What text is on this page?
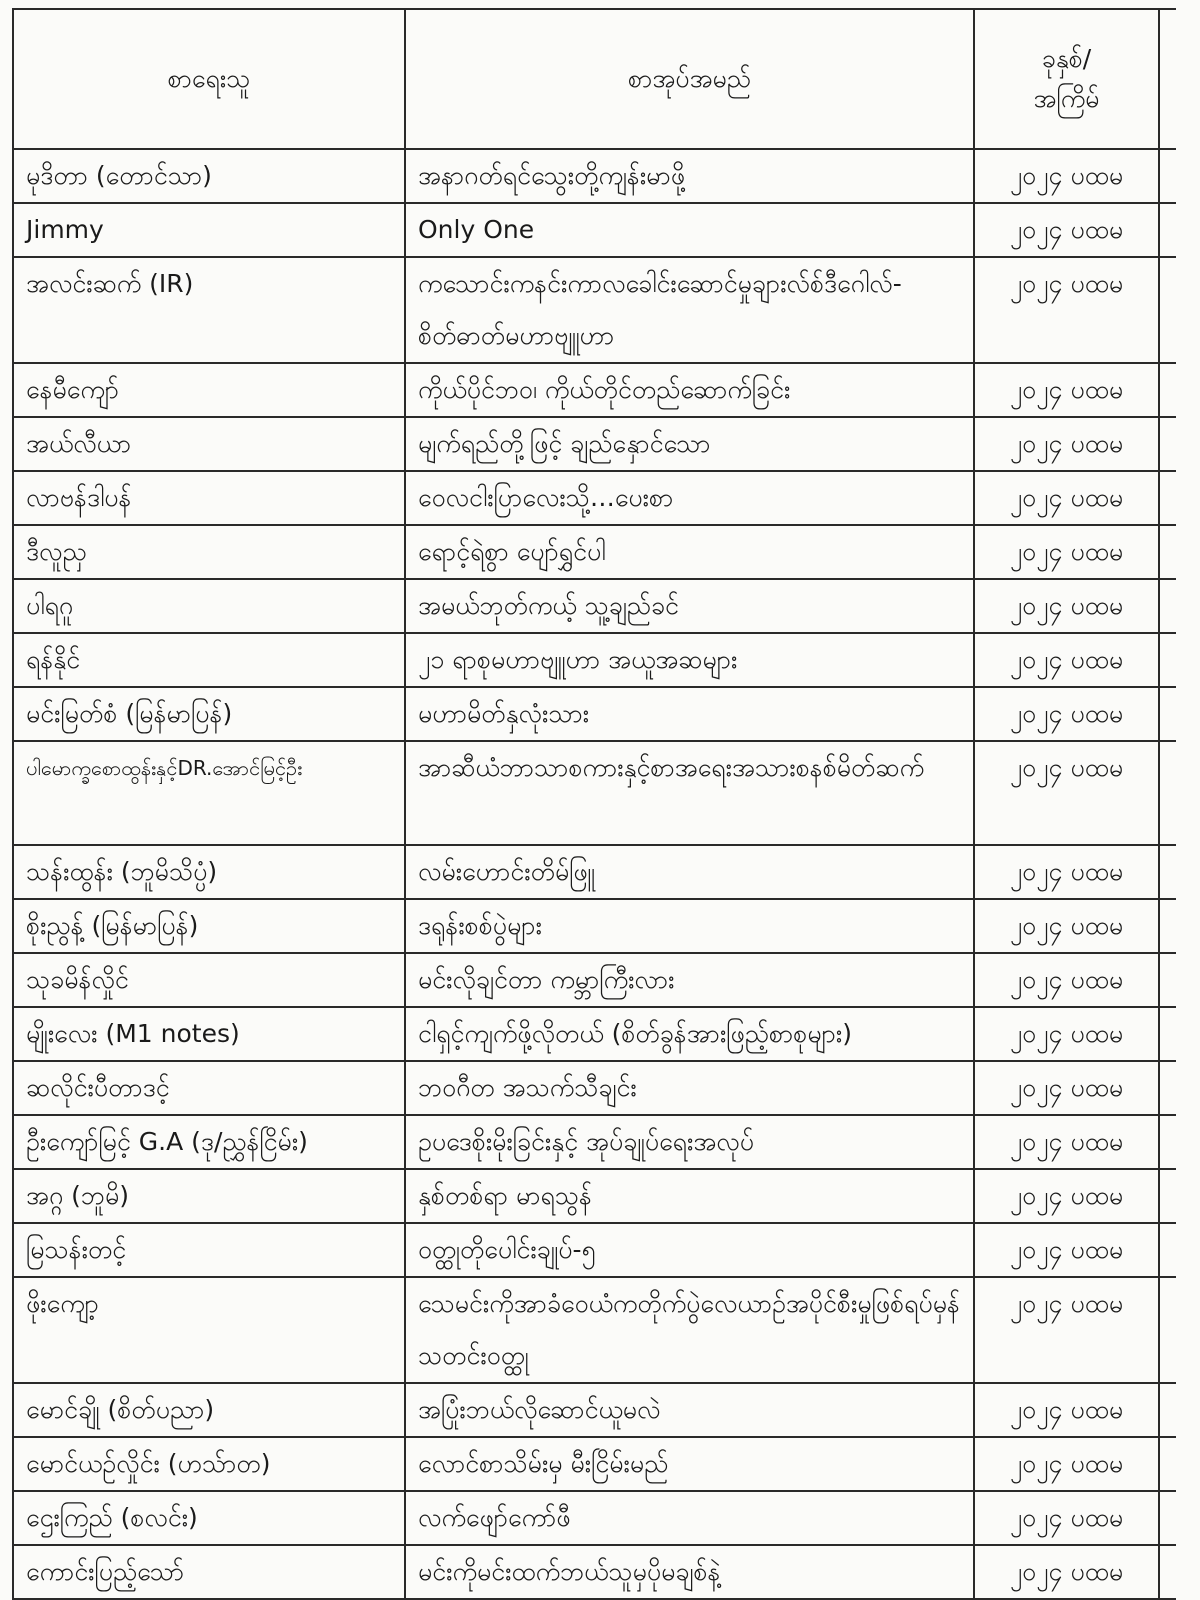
စာရေးသူ	စာအုပ်အမည်	ခုနှစ်/
အကြိမ်	

မုဒိတာ (တောင်သာ)	အနာဂတ်ရင်သွေးတို့ကျန်းမာဖို့	၂၀၂၄ ပထမ	
Jimmy	Only One	၂၀၂၄ ပထမ	
အလင်းဆက် (IR)	ကသောင်းကနင်းကာလခေါင်းဆောင်မှုချားလ်စ်ဒီဂေါလ်-စိတ်ဓာတ်မဟာဗျူဟာ	၂၀၂၄ ပထမ	
နေမီကျော်	ကိုယ်ပိုင်ဘ၀၊ ကိုယ်တိုင်တည်ဆောက်ခြင်း	၂၀၂၄ ပထမ	
အယ်လီယာ	မျက်ရည်တို့ဖြင့် ချည်နှောင်သော	၂၀၂၄ ပထမ	
လာဗန်ဒါပန်	ဝေလငါးပြာလေးသို့…ပေးစာ	၂၀၂၄ ပထမ	
ဒီလူညှ	ရောင့်ရဲစွာ ပျော်ရွှင်ပါ	၂၀၂၄ ပထမ	
ပါရဂူ	အမယ်ဘုတ်ကယ့် သူ့ချည်ခင်	၂၀၂၄ ပထမ	
ရန်နိုင်	၂၁ ရာစုမဟာဗျူဟာ အယူအဆများ	၂၀၂၄ ပထမ	
မင်းမြတ်စံ (မြန်မာပြန်)	မဟာမိတ်နှလုံးသား	၂၀၂၄ ပထမ	
ပါမောက္ခစောထွန်းနှင့်DR.အောင်မြင့်ဦး	အာဆီယံဘာသာစကားနှင့်စာအရေးအသားစနစ်မိတ်ဆက်	၂၀၂၄ ပထမ	
သန်းထွန်း (ဘူမိသိပ္ပံ)	လမ်းဟောင်းတိမ်ဖြူ	၂၀၂၄ ပထမ	
စိုးညွန့် (မြန်မာပြန်)	ဒရုန်းစစ်ပွဲများ	၂၀၂၄ ပထမ	
သုခမိန်လှိုင်	မင်းလိုချင်တာ ကမ္ဘာကြီးလား	၂၀၂၄ ပထမ	
မျိုးလေး (M1 notes)	ငါရှင့်ကျက်ဖို့လိုတယ် (စိတ်ခွန်အားဖြည့်စာစုများ)	၂၀၂၄ ပထမ	
ဆလိုင်းပီတာဒင့်	ဘဝဂီတ အသက်သီချင်း	၂၀၂၄ ပထမ	
ဦးကျော်မြင့် G.A (ဒု/ညွှန်ငြိမ်း)	ဥပဒေစိုးမိုးခြင်းနှင့် အုပ်ချုပ်ရေးအလုပ်	၂၀၂၄ ပထမ	
အဂ္ဂ (ဘူမိ)	နှစ်တစ်ရာ မာရသွန်	၂၀၂၄ ပထမ	
မြသန်းတင့်	ဝတ္ထုတိုပေါင်းချုပ်-၅	၂၀၂၄ ပထမ	
ဖိုးကျော့	သေမင်းကိုအာခံဝေယံကတိုက်ပွဲလေယာဉ်အပိုင်စီးမှုဖြစ်ရပ်မှန်သတင်းဝတ္ထု	၂၀၂၄ ပထမ	
မောင်ချို (စိတ်ပညာ)	အပြုံးဘယ်လိုဆောင်ယူမလဲ	၂၀၂၄ ပထမ	
မောင်ယဉ်လှိုင်း (ဟသ်ာတ)	လောင်စာသိမ်းမှ မီးငြိမ်းမည်	၂၀၂၄ ပထမ	
ဌေးကြည် (စလင်း)	လက်ဖျော်ကော်ဖီ	၂၀၂၄ ပထမ	
ကောင်းပြည့်သော်	မင်းကိုမင်းထက်ဘယ်သူမှပိုမချစ်နဲ့	၂၀၂၄ ပထမ	
